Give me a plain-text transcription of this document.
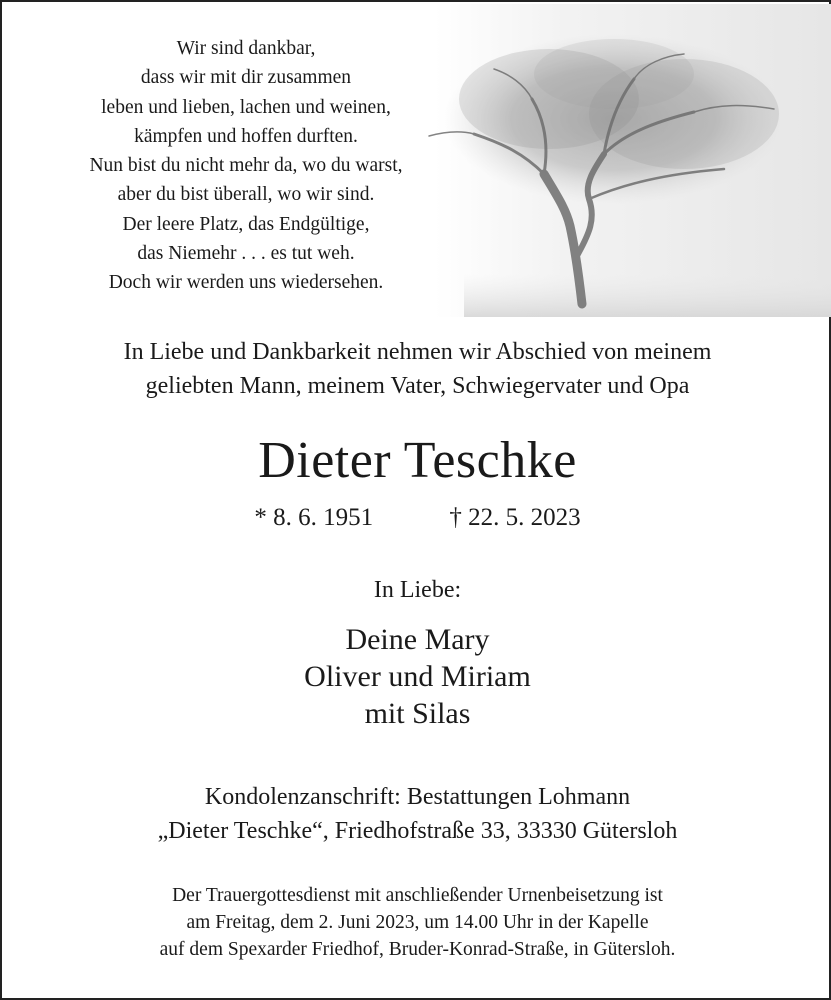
Wir sind dankbar,
dass wir mit dir zusammen
leben und lieben, lachen und weinen,
kämpfen und hoffen durften.
Nun bist du nicht mehr da, wo du warst,
aber du bist überall, wo wir sind.
Der leere Platz, das Endgültige,
das Niemehr . . . es tut weh.
Doch wir werden uns wiedersehen.
In Liebe und Dankbarkeit nehmen wir Abschied von meinem
geliebten Mann, meinem Vater, Schwiegervater und Opa
Dieter Teschke
* 8. 6. 1951	† 22. 5. 2023
In Liebe:
Deine Mary
Oliver und Miriam
mit Silas
Kondolenzanschrift: Bestattungen Lohmann
„Dieter Teschke“, Friedhofstraße 33, 33330 Gütersloh
Der Trauergottesdienst mit anschließender Urnenbeisetzung ist
am Freitag, dem 2. Juni 2023, um 14.00 Uhr in der Kapelle
auf dem Spexarder Friedhof, Bruder-Konrad-Straße, in Gütersloh.
